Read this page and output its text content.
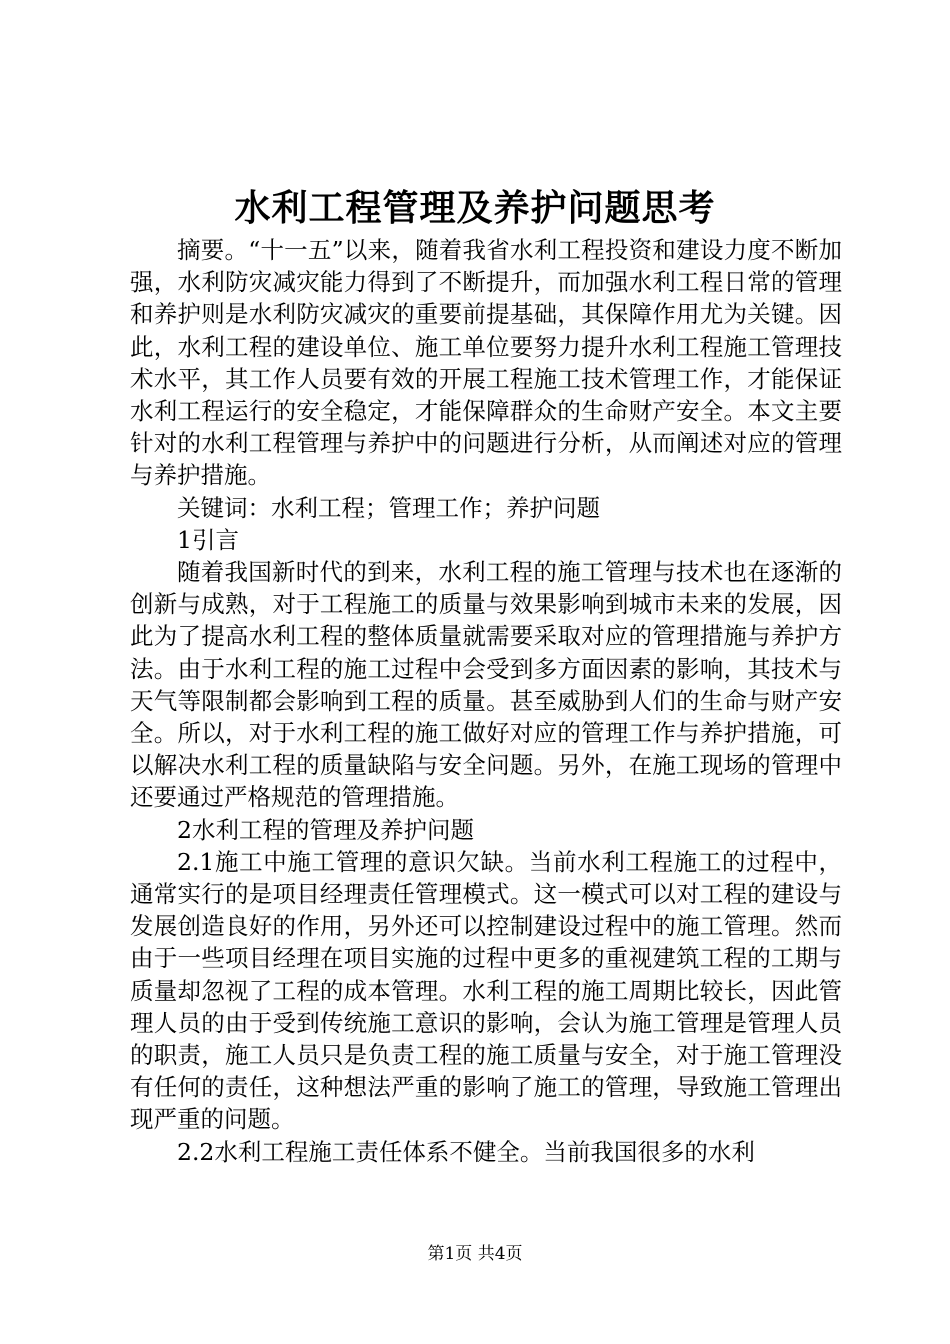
水利工程管理及养护问题思考

摘要。“十一五”以来，随着我省水利工程投资和建设力度不断加强，水利防灾减灾能力得到了不断提升，而加强水利工程日常的管理和养护则是水利防灾减灾的重要前提基础，其保障作用尤为关键。因此，水利工程的建设单位、施工单位要努力提升水利工程施工管理技术水平，其工作人员要有效的开展工程施工技术管理工作，才能保证水利工程运行的安全稳定，才能保障群众的生命财产安全。本文主要针对的水利工程管理与养护中的问题进行分析，从而阐述对应的管理与养护措施。

关键词：水利工程；管理工作；养护问题

1引言

随着我国新时代的到来，水利工程的施工管理与技术也在逐渐的创新与成熟，对于工程施工的质量与效果影响到城市未来的发展，因此为了提高水利工程的整体质量就需要采取对应的管理措施与养护方法。由于水利工程的施工过程中会受到多方面因素的影响，其技术与天气等限制都会影响到工程的质量。甚至威胁到人们的生命与财产安全。所以，对于水利工程的施工做好对应的管理工作与养护措施，可以解决水利工程的质量缺陷与安全问题。另外，在施工现场的管理中还要通过严格规范的管理措施。

2水利工程的管理及养护问题

2.1施工中施工管理的意识欠缺。当前水利工程施工的过程中，通常实行的是项目经理责任管理模式。这一模式可以对工程的建设与发展创造良好的作用，另外还可以控制建设过程中的施工管理。然而由于一些项目经理在项目实施的过程中更多的重视建筑工程的工期与质量却忽视了工程的成本管理。水利工程的施工周期比较长，因此管理人员的由于受到传统施工意识的影响，会认为施工管理是管理人员的职责，施工人员只是负责工程的施工质量与安全，对于施工管理没有任何的责任，这种想法严重的影响了施工的管理，导致施工管理出现严重的问题。

2.2水利工程施工责任体系不健全。当前我国很多的水利

第1页 共4页
